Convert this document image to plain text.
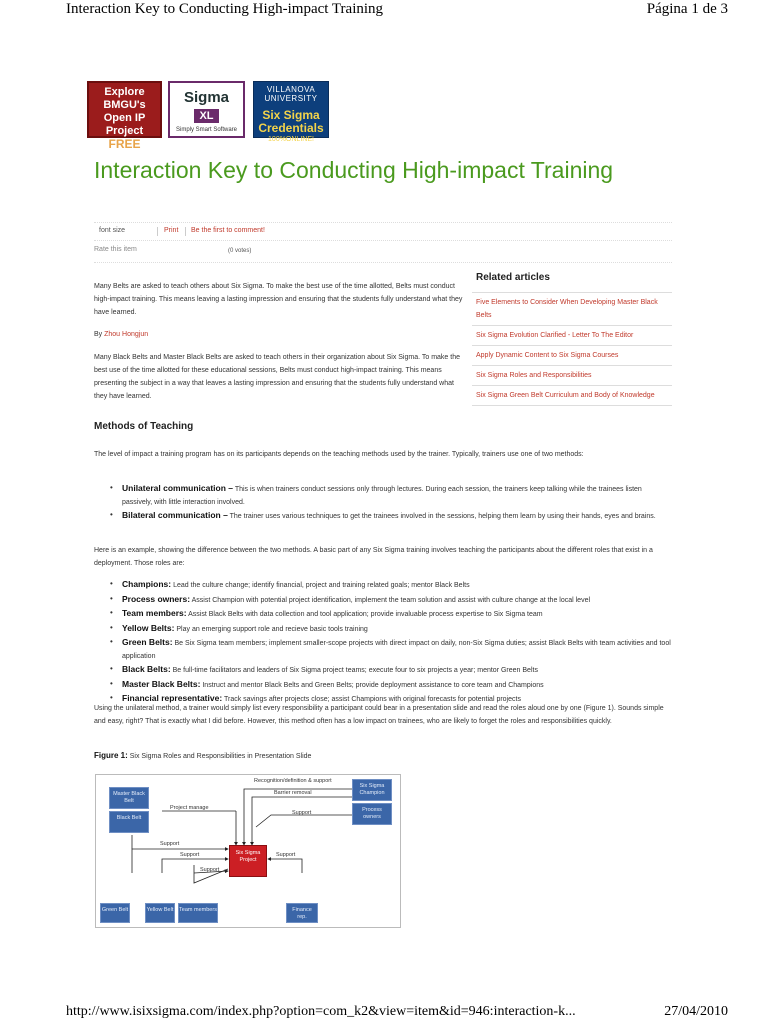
Interaction Key to Conducting High-impact Training	Página 1 de 3
http://www.isixsigma.com/index.php?option=com_k2&view=item&id=946:interaction-k...	27/04/2010
Explore BMGU's
Open IP Project
FREE
Sigma
XL
Simply Smart Software
VILLANOVA UNIVERSITY
Six Sigma
Credentials
100%ONLINE!
Interaction Key to Conducting High-impact Training
font size	Print Be the first to comment!
Rate this item	(0 votes)
Many Belts are asked to teach others about Six Sigma. To make the best use of the time allotted, Belts must conduct high-impact training. This means leaving a lasting impression and ensuring that the students fully understand what they have learned.
By Zhou Hongjun
Many Black Belts and Master Black Belts are asked to teach others in their organization about Six Sigma. To make the best use of the time allotted for these educational sessions, Belts must conduct high-impact training. This means presenting the subject in a way that leaves a lasting impression and ensuring that the students fully understand what they have learned.
Related articles
Five Elements to Consider When Developing Master Black Belts
Six Sigma Evolution Clarified - Letter To The Editor
Apply Dynamic Content to Six Sigma Courses
Six Sigma Roles and Responsibilities
Six Sigma Green Belt Curriculum and Body of Knowledge
Methods of Teaching
The level of impact a training program has on its participants depends on the teaching methods used by the trainer. Typically, trainers use one of two methods:
• Unilateral communication – This is when trainers conduct sessions only through lectures. During each session, the trainers keep talking while the trainees listen passively, with little interaction involved.
• Bilateral communication – The trainer uses various techniques to get the trainees involved in the sessions, helping them learn by using their hands, eyes and brains.
Here is an example, showing the difference between the two methods. A basic part of any Six Sigma training involves teaching the participants about the different roles that exist in a deployment. Those roles are:
• Champions: Lead the culture change; identify financial, project and training related goals; mentor Black Belts
• Process owners: Assist Champion with potential project identification, implement the team solution and assist with culture change at the local level
• Team members: Assist Black Belts with data collection and tool application; provide invaluable process expertise to Six Sigma team
• Yellow Belts: Play an emerging support role and recieve basic tools training
• Green Belts: Be Six Sigma team members; implement smaller-scope projects with direct impact on daily, non-Six Sigma duties; assist Black Belts with team activities and tool application
• Black Belts: Be full-time facilitators and leaders of Six Sigma project teams; execute four to six projects a year; mentor Green Belts
• Master Black Belts: Instruct and mentor Black Belts and Green Belts; provide deployment assistance to core team and Champions
• Financial representative: Track savings after projects close; assist Champions with original forecasts for potential projects
Using the unilateral method, a trainer would simply list every responsibility a participant could bear in a presentation slide and read the roles aloud one by one (Figure 1). Sounds simple and easy, right? That is exactly what I did before. However, this method often has a low impact on trainees, who are likely to forget the roles and responsibilities quickly.
Figure 1: Six Sigma Roles and Responsibilities in Presentation Slide
Master Black Belt
Black Belt
Six Sigma Champion
Process owners
Six Sigma Project
Green Belt	Yellow Belt	Team members	Finance rep.
Recognition/definition & support
Barrier removal
Project manage
Support
Support
Support
Support
Support
